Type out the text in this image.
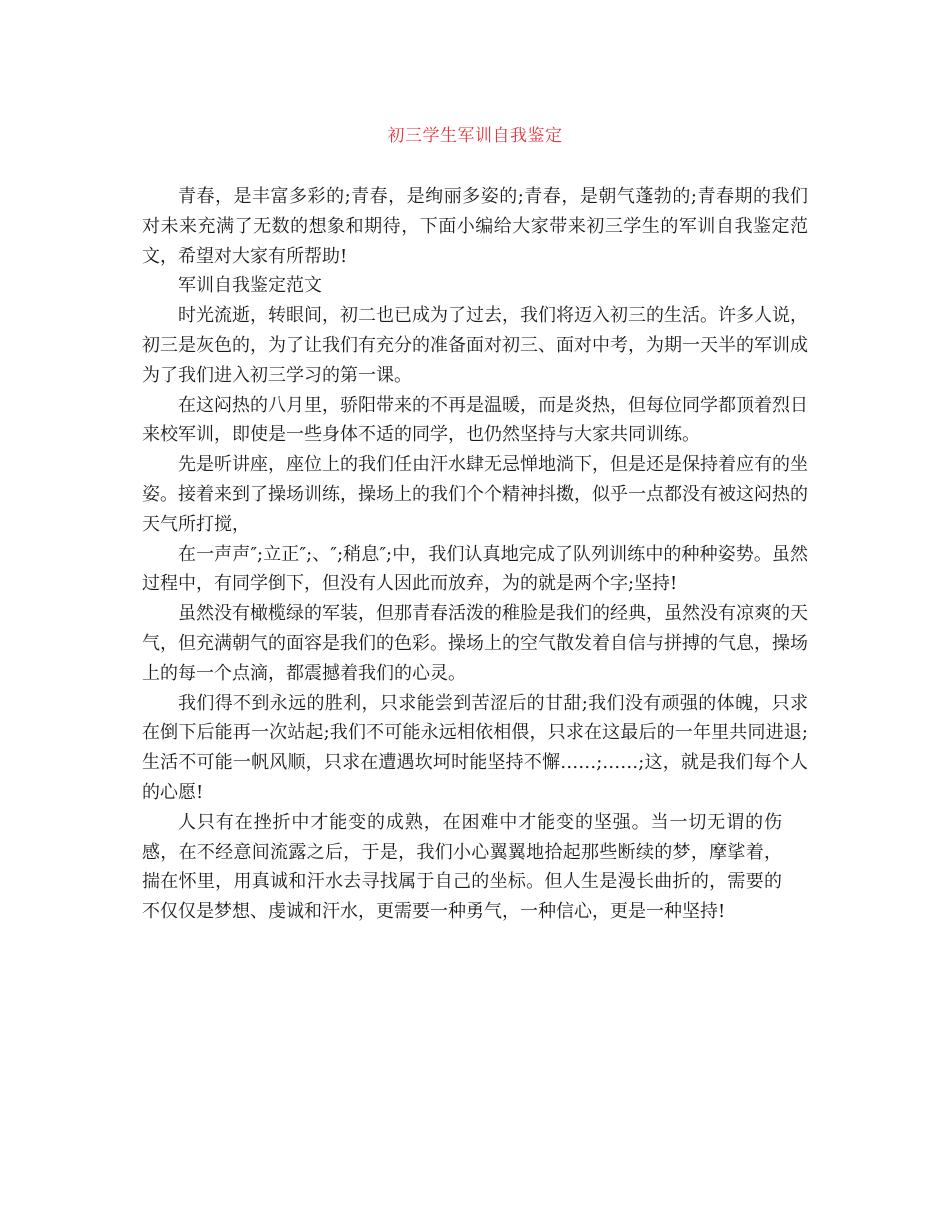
初三学生军训自我鉴定

青春，是丰富多彩的;青春，是绚丽多姿的;青春，是朝气蓬勃的;青春期的我们对未来充满了无数的想象和期待，下面小编给大家带来初三学生的军训自我鉴定范文，希望对大家有所帮助!

军训自我鉴定范文

时光流逝，转眼间，初二也已成为了过去，我们将迈入初三的生活。许多人说，初三是灰色的，为了让我们有充分的准备面对初三、面对中考，为期一天半的军训成为了我们进入初三学习的第一课。

在这闷热的八月里，骄阳带来的不再是温暖，而是炎热，但每位同学都顶着烈日来校军训，即使是一些身体不适的同学，也仍然坚持与大家共同训练。

先是听讲座，座位上的我们任由汗水肆无忌惮地淌下，但是还是保持着应有的坐姿。接着来到了操场训练，操场上的我们个个精神抖擞，似乎一点都没有被这闷热的天气所打搅，

在一声声″;立正″;、″;稍息″;中，我们认真地完成了队列训练中的种种姿势。虽然过程中，有同学倒下，但没有人因此而放弃，为的就是两个字;坚持!

虽然没有橄榄绿的军装，但那青春活泼的稚脸是我们的经典，虽然没有凉爽的天气，但充满朝气的面容是我们的色彩。操场上的空气散发着自信与拼搏的气息，操场上的每一个点滴，都震撼着我们的心灵。

我们得不到永远的胜利，只求能尝到苦涩后的甘甜;我们没有顽强的体魄，只求在倒下后能再一次站起;我们不可能永远相依相偎，只求在这最后的一年里共同进退;生活不可能一帆风顺，只求在遭遇坎坷时能坚持不懈……;……;这，就是我们每个人的心愿!

人只有在挫折中才能变的成熟，在困难中才能变的坚强。当一切无谓的伤感，在不经意间流露之后，于是，我们小心翼翼地拾起那些断续的梦，摩挲着，揣在怀里，用真诚和汗水去寻找属于自己的坐标。但人生是漫长曲折的，需要的不仅仅是梦想、虔诚和汗水，更需要一种勇气，一种信心，更是一种坚持!
